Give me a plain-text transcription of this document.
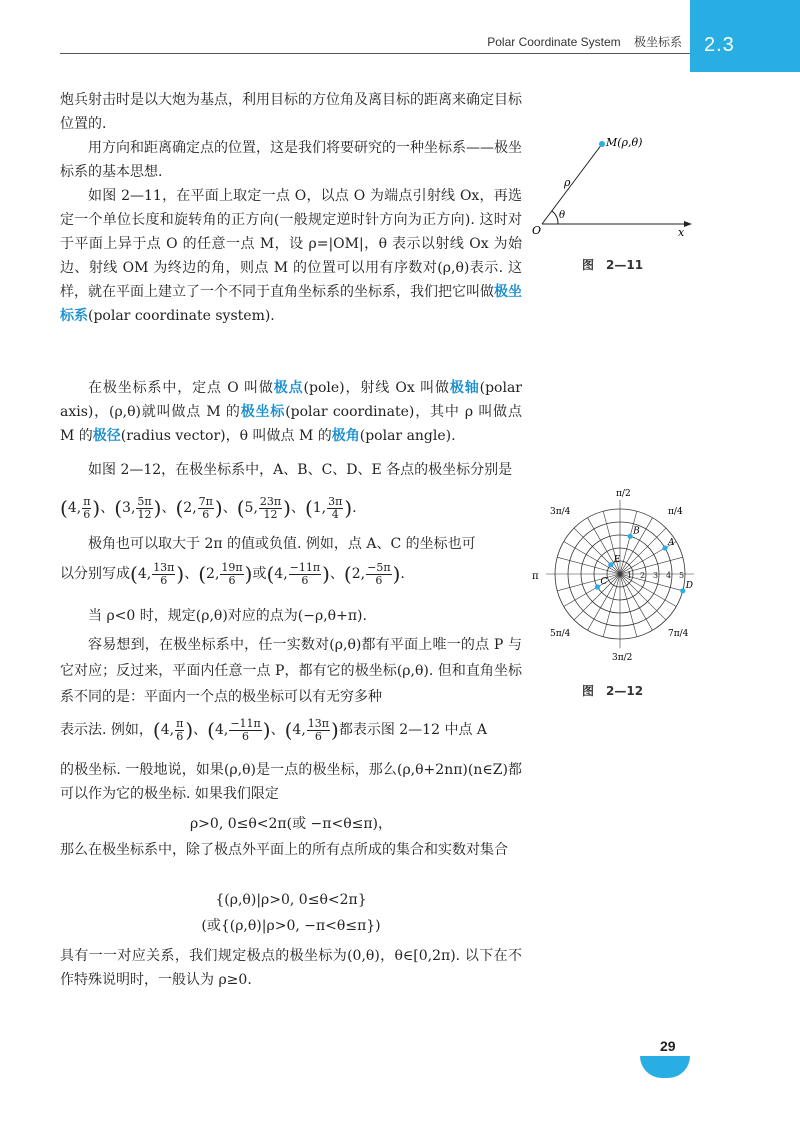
Polar Coordinate System 极坐标系 2.3
炮兵射击时是以大炮为基点，利用目标的方位角及离目标的距离来确定目标位置的.
用方向和距离确定点的位置，这是我们将要研究的一种坐标系——极坐标系的基本思想.
如图 2—11，在平面上取定一点 O，以点 O 为端点引射线 Ox，再选定一个单位长度和旋转角的正方向(一般规定逆时针方向为正方向). 这时对于平面上异于点 O 的任意一点 M，设 ρ=|OM|，θ 表示以射线 Ox 为始边、射线 OM 为终边的角，则点 M 的位置可以用有序数对(ρ,θ)表示. 这样，就在平面上建立了一个不同于直角坐标系的坐标系，我们把它叫做极坐标系(polar coordinate system).
在极坐标系中，定点 O 叫做极点(pole)，射线 Ox 叫做极轴(polar axis)，(ρ,θ)就叫做点 M 的极坐标(polar coordinate)，其中 ρ 叫做点 M 的极径(radius vector)，θ 叫做点 M 的极角(polar angle).
如图 2—12，在极坐标系中，A、B、C、D、E 各点的极坐标分别是
(4, $\frac{\pi}{6}$ )、(3, $\frac{5\pi}{12}$ )、(2, $\frac{7\pi}{6}$ )、(5, $\frac{23\pi}{12}$ )、(1, $\frac{3\pi}{4}$ ).
极角也可以取大于 2π 的值或负值. 例如，点 A、C 的坐标也可
以分别写成(4, $\frac{13\pi}{6}$ )、(2, $\frac{19\pi}{6}$ )或(4, $\frac{-11\pi}{6}$ )、(2, $\frac{-5\pi}{6}$ ).
当 ρ<0 时，规定(ρ,θ)对应的点为(−ρ,θ+π).
容易想到，在极坐标系中，任一实数对(ρ,θ)都有平面上唯一的点 P 与它对应；反过来，平面内任意一点 P，都有它的极坐标(ρ,θ). 但和直角坐标系不同的是：平面内一个点的极坐标可以有无穷多种
表示法. 例如，(4, $\frac{\pi}{6}$ )、(4, $\frac{-11\pi}{6}$ )、(4, $\frac{13\pi}{6}$ )都表示图 2—12 中点 A
的极坐标. 一般地说，如果(ρ,θ)是一点的极坐标，那么(ρ,θ+2nπ)(n∈Z)都可以作为它的极坐标. 如果我们限定
ρ>0, 0≤θ<2π(或 −π<θ≤π)，
那么在极坐标系中，除了极点外平面上的所有点所成的集合和实数对集合
{(ρ,θ)|ρ>0, 0≤θ<2π}
(或{(ρ,θ)|ρ>0, −π<θ≤π})
具有一一对应关系，我们规定极点的极坐标为(0,θ)，θ∈[0,2π). 以下在不作特殊说明时，一般认为 ρ≥0.
M(ρ,θ)
O	x
ρ
θ
图　2—11
π/2
π
3π/4	π/4
5π/4	7π/4
3π/2
1 2 3 4 5
A
B
C	D
E
图　2—12
29
